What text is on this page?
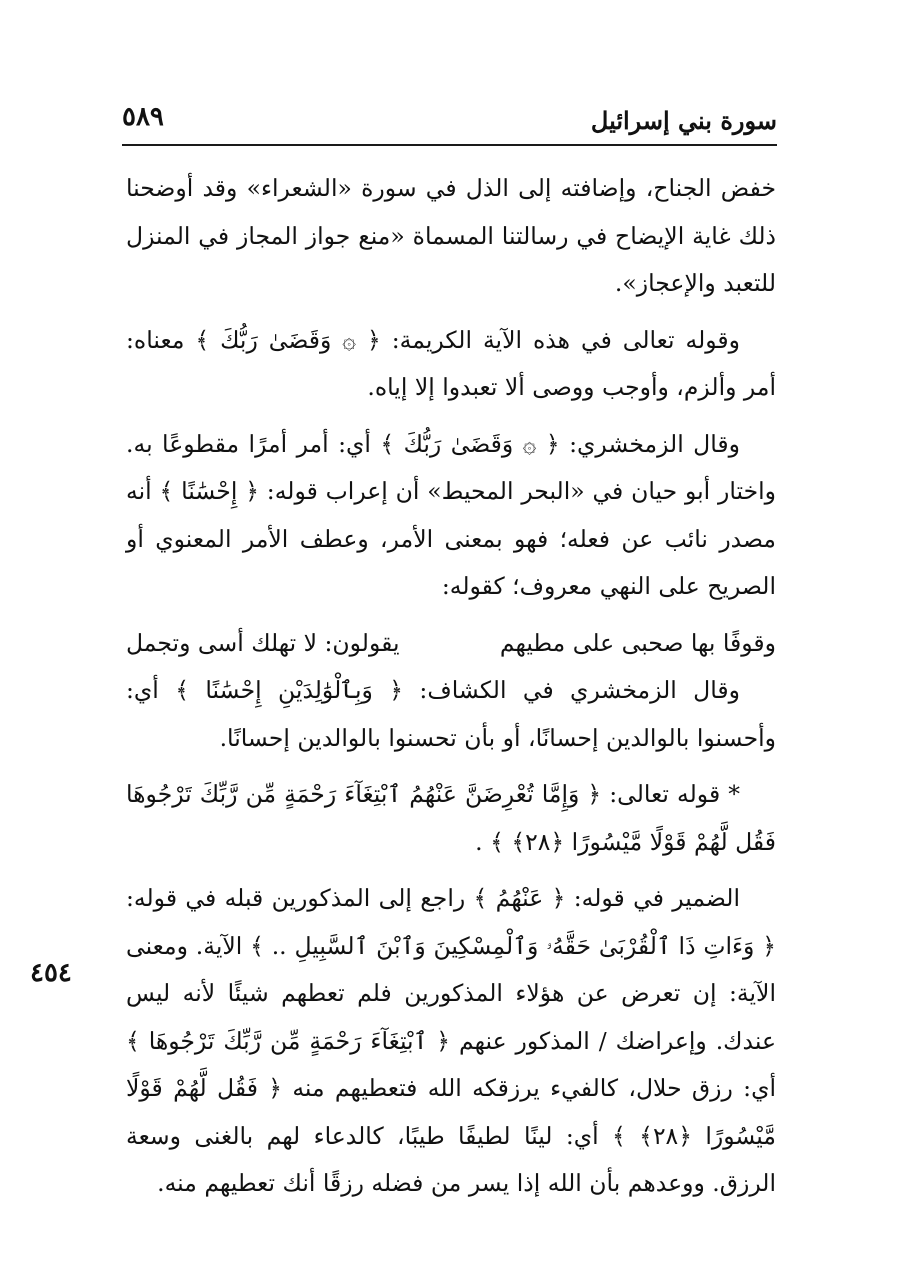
سورة بني إسرائيل
٥٨٩

خفض الجناح، وإضافته إلى الذل في سورة «الشعراء» وقد أوضحنا ذلك غاية الإيضاح في رسالتنا المسماة «منع جواز المجاز في المنزل للتعبد والإعجاز».

وقوله تعالى في هذه الآية الكريمة: ﴿ ۞ وَقَضَىٰ رَبُّكَ ﴾ معناه: أمر وألزم، وأوجب ووصى ألا تعبدوا إلا إياه.

وقال الزمخشري: ﴿ ۞ وَقَضَىٰ رَبُّكَ ﴾ أي: أمر أمرًا مقطوعًا به. واختار أبو حيان في «البحر المحيط» أن إعراب قوله: ﴿ إِحْسَٰنًا ﴾ أنه مصدر نائب عن فعله؛ فهو بمعنى الأمر، وعطف الأمر المعنوي أو الصريح على النهي معروف؛ كقوله:

وقوفًا بها صحبى على مطيهم
يقولون: لا تهلك أسى وتجمل

وقال الزمخشري في الكشاف: ﴿ وَبِٱلْوَٰلِدَيْنِ إِحْسَٰنًا ﴾ أي: وأحسنوا بالوالدين إحسانًا، أو بأن تحسنوا بالوالدين إحسانًا.

* قوله تعالى: ﴿ وَإِمَّا تُعْرِضَنَّ عَنْهُمُ ٱبْتِغَآءَ رَحْمَةٍ مِّن رَّبِّكَ تَرْجُوهَا فَقُل لَّهُمْ قَوْلًا مَّيْسُورًا ﴿٢٨﴾ ﴾ .

الضمير في قوله: ﴿ عَنْهُمُ ﴾ راجع إلى المذكورين قبله في قوله: ﴿ وَءَاتِ ذَا ٱلْقُرْبَىٰ حَقَّهُۥ وَٱلْمِسْكِينَ وَٱبْنَ ٱلسَّبِيلِ .. ﴾ الآية. ومعنى الآية: إن تعرض عن هؤلاء المذكورين فلم تعطهم شيئًا لأنه ليس عندك. وإعراضك / المذكور عنهم ﴿ ٱبْتِغَآءَ رَحْمَةٍ مِّن رَّبِّكَ تَرْجُوهَا ﴾ أي: رزق حلال، كالفيء يرزقكه الله فتعطيهم منه ﴿ فَقُل لَّهُمْ قَوْلًا مَّيْسُورًا ﴿٢٨﴾ ﴾ أي: لينًا لطيفًا طيبًا، كالدعاء لهم بالغنى وسعة الرزق. ووعدهم بأن الله إذا يسر من فضله رزقًا أنك تعطيهم منه.

٤٥٤
